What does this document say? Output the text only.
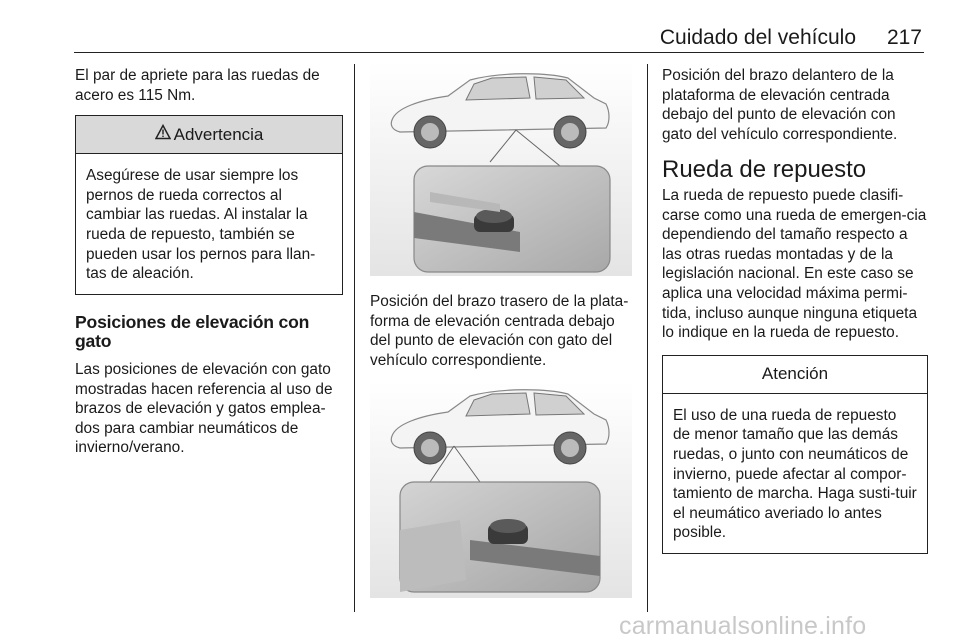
Cuidado del vehículo 217

El par de apriete para las ruedas de acero es 115 Nm.

Advertencia
Asegúrese de usar siempre los pernos de rueda correctos al cambiar las ruedas. Al instalar la rueda de repuesto, también se pueden usar los pernos para llan-tas de aleación.
Posiciones de elevación con gato

Las posiciones de elevación con gato mostradas hacen referencia al uso de brazos de elevación y gatos emplea-dos para cambiar neumáticos de invierno/verano.

Posición del brazo trasero de la plata-forma de elevación centrada debajo del punto de elevación con gato del vehículo correspondiente.

Posición del brazo delantero de la plataforma de elevación centrada debajo del punto de elevación con gato del vehículo correspondiente.

Rueda de repuesto

La rueda de repuesto puede clasifi-carse como una rueda de emergen-cia dependiendo del tamaño respecto a las otras ruedas montadas y de la legislación nacional. En este caso se aplica una velocidad máxima permi-tida, incluso aunque ninguna etiqueta lo indique en la rueda de repuesto.

Atención
El uso de una rueda de repuesto de menor tamaño que las demás ruedas, o junto con neumáticos de invierno, puede afectar al compor-tamiento de marcha. Haga susti-tuir el neumático averiado lo antes posible.
carmanualsonline.info
